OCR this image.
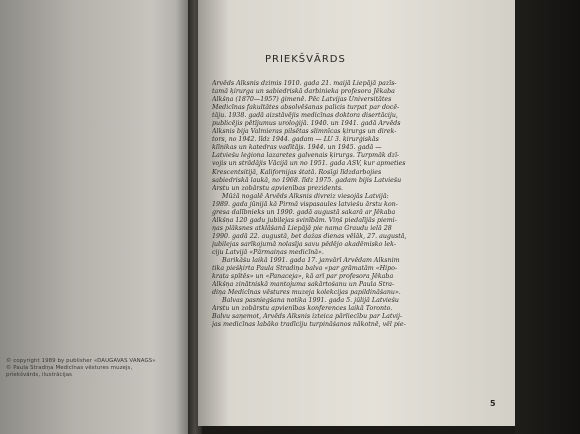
© copyright 1989 by publisher «DAUGAVAS VANAGS»
© Paula Stradiņa Medicīnas vēstures muzejs,
priekšvārds, ilustrācijas
PRIEKŠVĀRDS
Arvēds Alksnis dzimis 1910. gada 21. maijā Liepājā pazīs-
tamā ķirurga un sabiedriskā darbinieka profesora Jēkaba
Alkšņa (1870—1957) ģimenē. Pēc Latvijas Universitātes
Medicīnas fakultātes absolvēšanas palicis turpat par docē-
tāju. 1938. gadā aizstāvējis medicīnas doktora disertāciju,
publicējis pētījumus uroloģijā. 1940. un 1941. gadā Arvēds
Alksnis bija Valmieras pilsētas slimnīcas ķirurgs un direk-
tors, no 1942. līdz 1944. gadam — LU 3. ķirurģiskās
klīnikas un katedras vadītājs. 1944. un 1945. gadā —
Latviešu leģiona lazaretes galvenais ķirurgs. Turpmāk dzī-
vojis un strādājis Vācijā un no 1951. gada ASV, kur apmeties
Krescentsitijā, Kalifornijas štatā. Rosīgi līdzdarbojies
sabiedriskā laukā, no 1968. līdz 1975. gadam bijis Latviešu
Ārstu un zobārstu apvienības prezidents.
Mūžā nogalē Arvēds Alksnis divreiz viesojās Latvijā:
1989. gada jūnijā kā Pirmā vispasaules latviešu ārstu kon-
gresa dalībnieks un 1990. gadā augustā sakarā ar Jēkaba
Alkšņa 120 gadu jubilejas svinībām. Viņš piedalījās piemi-
ņas plāksnes atklāšanā Liepājā pie nama Graudu ielā 28
1990. gadā 22. augustā, bet dažas dienas vēlāk, 27. augustā,
jubilejas sarīkojumā nolasīja savu pēdējo akadēmisko lek-
ciju Latvijā «Pārmaiņas medicīnā».
Barikāšu laikā 1991. gada 17. janvārī Arvēdam Alksnim
tika piešķirta Paula Stradiņa balva «par grāmatām «Hipo-
krata spītēs» un «Panaceja», kā arī par profesora Jēkaba
Alkšņa zinātniskā mantojuma sakārtošanu un Paula Stra-
diņa Medicīnas vēstures muzeja kolekcijas papildināšanu».
Balvas pasniegšana notika 1991. gada 5. jūlijā Latviešu
Ārstu un zobārstu apvienības konferences laikā Toronto.
Balvu saņemot, Arvēds Alksnis izteica pārliecību par Latvij-
jas medicīnas labāko tradīciju turpināšanos nākotnē, vēl pie-
5
